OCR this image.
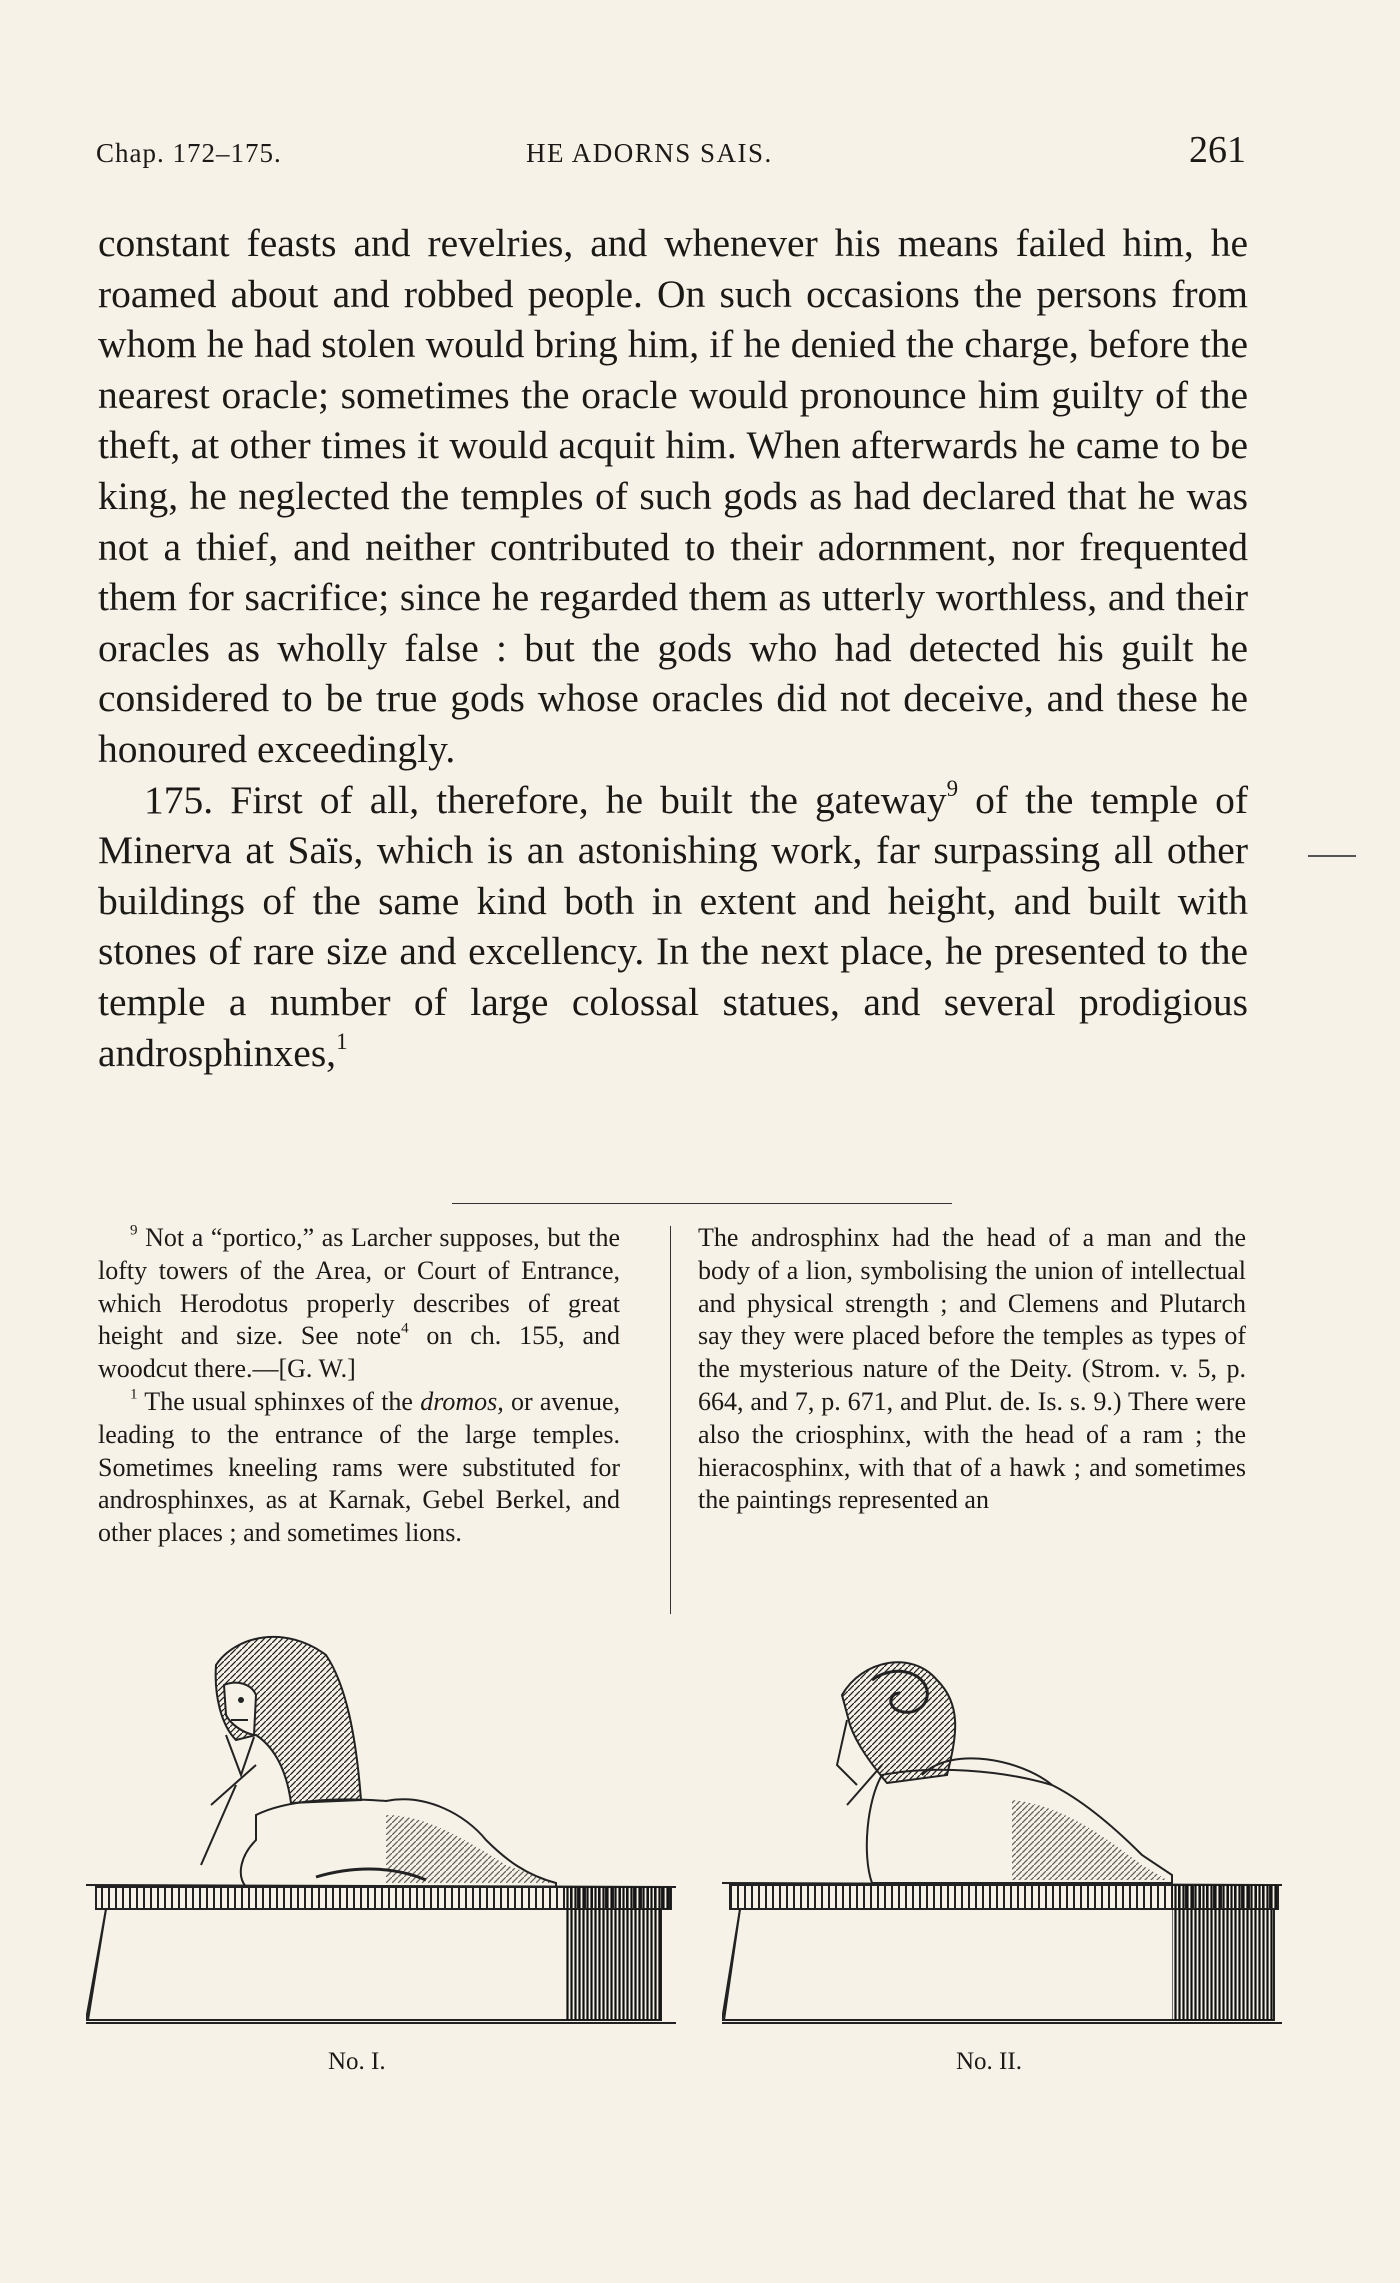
Chap. 172–175.	HE ADORNS SAIS.	261

constant feasts and revelries, and whenever his means failed him, he roamed about and robbed people. On such occasions the persons from whom he had stolen would bring him, if he denied the charge, before the nearest oracle; sometimes the oracle would pronounce him guilty of the theft, at other times it would acquit him. When afterwards he came to be king, he neglected the temples of such gods as had declared that he was not a thief, and neither contributed to their adornment, nor frequented them for sacrifice; since he regarded them as utterly worthless, and their oracles as wholly false : but the gods who had detected his guilt he considered to be true gods whose oracles did not deceive, and these he honoured exceedingly.

175. First of all, therefore, he built the gateway$^9$ of the temple of Minerva at Saïs, which is an astonishing work, far surpassing all other buildings of the same kind both in extent and height, and built with stones of rare size and excellency. In the next place, he presented to the temple a number of large colossal statues, and several prodigious androsphinxes,$^1$

$^9$ Not a “portico,” as Larcher supposes, but the lofty towers of the Area, or Court of Entrance, which Herodotus properly describes of great height and size. See note$^4$ on ch. 155, and woodcut there.—[G. W.]

$^1$ The usual sphinxes of the dromos, or avenue, leading to the entrance of the large temples. Sometimes kneeling rams were substituted for androsphinxes, as at Karnak, Gebel Berkel, and other places ; and sometimes lions.

The androsphinx had the head of a man and the body of a lion, symbolising the union of intellectual and physical strength ; and Clemens and Plutarch say they were placed before the temples as types of the mysterious nature of the Deity. (Strom. v. 5, p. 664, and 7, p. 671, and Plut. de. Is. s. 9.) There were also the criosphinx, with the head of a ram ; the hieracosphinx, with that of a hawk ; and sometimes the paintings represented an

No. I.	No. II.
